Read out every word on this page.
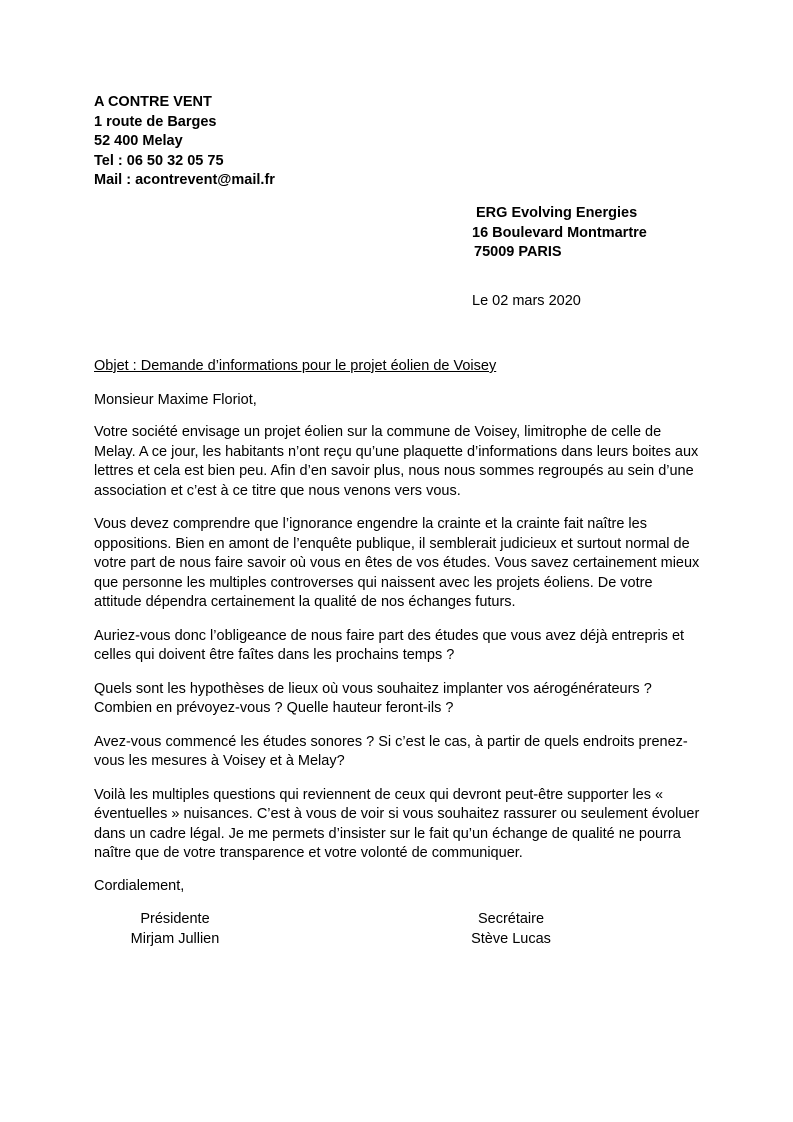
A CONTRE VENT
1 route de Barges
52 400 Melay
Tel : 06 50 32 05 75
Mail : acontrevent@mail.fr
ERG Evolving Energies
16 Boulevard Montmartre
75009 PARIS
Le 02 mars 2020
Objet : Demande d’informations pour le projet éolien de Voisey
Monsieur Maxime Floriot,

Votre société envisage un projet éolien sur la commune de Voisey, limitrophe de celle de Melay. A ce jour, les habitants n’ont reçu qu’une plaquette d’informations dans leurs boites aux lettres et cela est bien peu. Afin d’en savoir plus, nous nous sommes regroupés au sein d’une association et c’est à ce titre que nous venons vers vous.

Vous devez comprendre que l’ignorance engendre la crainte et la crainte fait naître les oppositions. Bien en amont de l’enquête publique, il semblerait judicieux et surtout normal de votre part de nous faire savoir où vous en êtes de vos études. Vous savez certainement mieux que personne les multiples controverses qui naissent avec les projets éoliens. De votre attitude dépendra certainement la qualité de nos échanges futurs.

Auriez-vous donc l’obligeance de nous faire part des études que vous avez déjà entrepris et celles qui doivent être faîtes dans les prochains temps ?

Quels sont les hypothèses de lieux où vous souhaitez implanter vos aérogénérateurs ? Combien en prévoyez-vous ? Quelle hauteur feront-ils ?

Avez-vous commencé les études sonores ? Si c’est le cas, à partir de quels endroits prenez-vous les mesures à Voisey et à Melay?

Voilà les multiples questions qui reviennent de ceux qui devront peut-être supporter les « éventuelles » nuisances. C’est à vous de voir si vous souhaitez rassurer ou seulement évoluer dans un cadre légal. Je me permets d’insister sur le fait qu’un échange de qualité ne pourra naître que de votre transparence et votre volonté de communiquer.

Cordialement,
Présidente
Mirjam Jullien
Secrétaire
Stève Lucas
